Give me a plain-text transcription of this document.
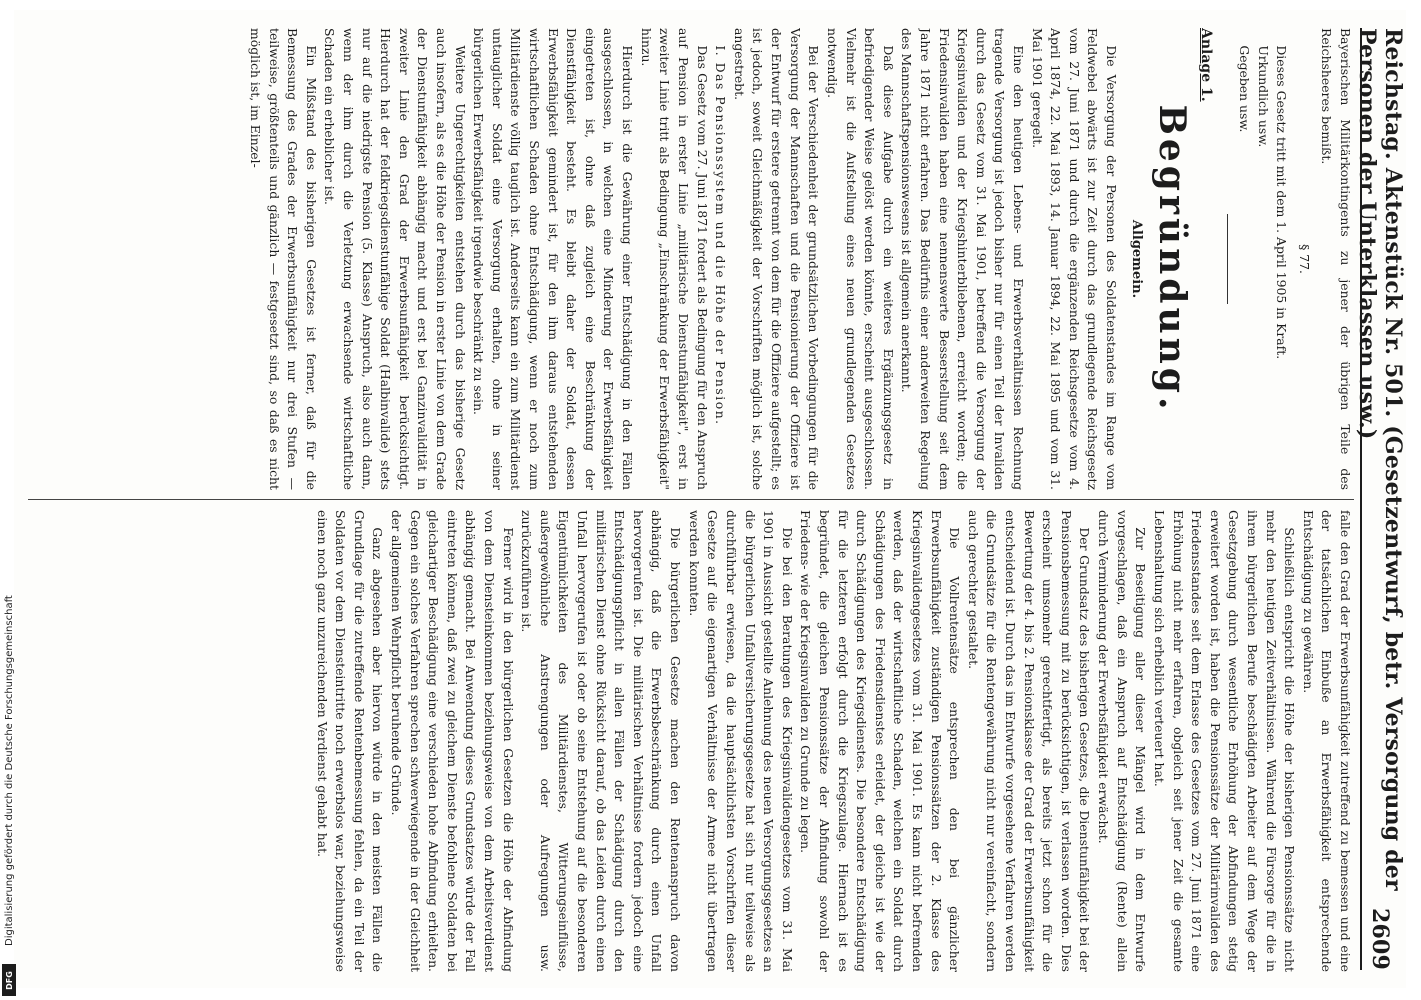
Reichstag. Aktenstück Nr. 501. (Gesetzentwurf, betr. Versorgung der Personen der Unterklassen usw.)
2609

Bayerischen Militärkontingents zu jener der übrigen Teile des Reichsheeres bemißt.

§ 77.

Dieses Gesetz tritt mit dem 1. April 1905 in Kraft.

Urkundlich usw.

Gegeben usw.

Anlage 1.
Begründung.
Allgemein.

Die Versorgung der Personen des Soldatenstandes im Range vom Feldwebel abwärts ist zur Zeit durch das grundlegende Reichsgesetz vom 27. Juni 1871 und durch die ergänzenden Reichsgesetze vom 4. April 1874, 22. Mai 1893, 14. Januar 1894, 22. Mai 1895 und vom 31. Mai 1901 geregelt.

Eine den heutigen Lebens- und Erwerbsverhältnissen Rechnung tragende Versorgung ist jedoch bisher nur für einen Teil der Invaliden durch das Gesetz vom 31. Mai 1901, betreffend die Versorgung der Kriegsinvaliden und der Kriegshinterbliebenen, erreicht worden; die Friedensinvaliden haben eine nennenswerte Besserstellung seit dem Jahre 1871 nicht erfahren. Das Bedürfnis einer anderweiten Regelung des Mannschaftspensionswesens ist allgemein anerkannt.

Daß diese Aufgabe durch ein weiteres Ergänzungsgesetz in befriedigender Weise gelöst werden könnte, erscheint ausgeschlossen. Vielmehr ist die Aufstellung eines neuen grundlegenden Gesetzes notwendig.

Bei der Verschiedenheit der grundsätzlichen Vorbedingungen für die Versorgung der Mannschaften und die Pensionierung der Offiziere ist der Entwurf für erstere getrennt von dem für die Offiziere aufgestellt; es ist jedoch, soweit Gleichmäßigkeit der Vorschriften möglich ist, solche angestrebt.

I. Das Pensionssystem und die Höhe der Pension.

Das Gesetz vom 27. Juni 1871 fordert als Bedingung für den Anspruch auf Pension in erster Linie „militärische Dienstunfähigkeit", erst in zweiter Linie tritt als Bedingung „Einschränkung der Erwerbsfähigkeit" hinzu.

Hierdurch ist die Gewährung einer Entschädigung in den Fällen ausgeschlossen, in welchen eine Minderung der Erwerbsfähigkeit eingetreten ist, ohne daß zugleich eine Beschränkung der Dienstfähigkeit besteht. Es bleibt daher der Soldat, dessen Erwerbsfähigkeit gemindert ist, für den ihm daraus entstehenden wirtschaftlichen Schaden ohne Entschädigung, wenn er noch zum Militärdienste völlig tauglich ist. Anderseits kann ein zum Militärdienst untauglicher Soldat eine Versorgung erhalten, ohne in seiner bürgerlichen Erwerbsfähigkeit irgendwie beschränkt zu sein.

Weitere Ungerechtigkeiten entstehen durch das bisherige Gesetz auch insofern, als es die Höhe der Pension in erster Linie von dem Grade der Dienstunfähigkeit abhängig macht und erst bei Ganzinvalidität in zweiter Linie den Grad der Erwerbsunfähigkeit berücksichtigt. Hierdurch hat der feldkriegsdienstunfähige Soldat (Halbinvalide) stets nur auf die niedrigste Pension (5. Klasse) Anspruch, also auch dann, wenn der ihm durch die Verletzung erwachsende wirtschaftliche Schaden ein erheblicher ist.

Ein Mißstand des bisherigen Gesetzes ist ferner, daß für die Bemessung des Grades der Erwerbsunfähigkeit nur drei Stufen — teilweise, größtenteils und gänzlich — festgesetzt sind, so daß es nicht möglich ist, im Einzel-

falle den Grad der Erwerbsunfähigkeit zutreffend zu bemessen und eine der tatsächlichen Einbuße an Erwerbsfähigkeit entsprechende Entschädigung zu gewähren.

Schließlich entspricht die Höhe der bisherigen Pensionssätze nicht mehr den heutigen Zeitverhältnissen. Während die Fürsorge für die in ihrem bürgerlichen Berufe beschädigten Arbeiter auf dem Wege der Gesetzgebung durch wesentliche Erhöhung der Abfindungen stetig erweitert worden ist, haben die Pensionssätze der Militärinvaliden des Friedensstandes seit dem Erlasse des Gesetzes vom 27. Juni 1871 eine Erhöhung nicht mehr erfahren, obgleich seit jener Zeit die gesamte Lebenshaltung sich erheblich verteuert hat.

Zur Beseitigung aller dieser Mängel wird in dem Entwurfe vorgeschlagen, daß ein Anspruch auf Entschädigung (Rente) allein durch Verminderung der Erwerbsfähigkeit erwächst.

Der Grundsatz des bisherigen Gesetzes, die Dienstunfähigkeit bei der Pensionsbemessung mit zu berücksichtigen, ist verlassen worden. Dies erscheint umsomehr gerechtfertigt, als bereits jetzt schon für die Bewertung der 4. bis 2. Pensionsklasse der Grad der Erwerbsunfähigkeit entscheidend ist. Durch das im Entwurfe vorgesehene Verfahren werden die Grundsätze für die Rentengewährung nicht nur vereinfacht, sondern auch gerechter gestaltet.

Die Vollrentensätze entsprechen den bei gänzlicher Erwerbsunfähigkeit zuständigen Pensionssätzen der 2. Klasse des Kriegsinvalidengesetzes vom 31. Mai 1901. Es kann nicht befremden werden, daß der wirtschaftliche Schaden, welchen ein Soldat durch Schädigungen des Friedensdienstes erleidet, der gleiche ist wie der durch Schädigungen des Kriegsdienstes. Die besondere Entschädigung für die letzteren erfolgt durch die Kriegszulage. Hiernach ist es begründet, die gleichen Pensionssätze der Abfindung sowohl der Friedens- wie der Kriegsinvaliden zu Grunde zu legen.

Die bei den Beratungen des Kriegsinvalidengesetzes vom 31. Mai 1901 in Aussicht gestellte Anlehnung des neuen Versorgungsgesetzes an die bürgerlichen Unfallversicherungsgesetze hat sich nur teilweise als durchführbar erwiesen, da die hauptsächlichsten Vorschriften dieser Gesetze auf die eigenartigen Verhältnisse der Armee nicht übertragen werden konnten.

Die bürgerlichen Gesetze machen den Rentenanspruch davon abhängig, daß die Erwerbsbeschränkung durch einen Unfall hervorgerufen ist. Die militärischen Verhältnisse fordern jedoch eine Entschädigungspflicht in allen Fällen der Schädigung durch den militärischen Dienst ohne Rücksicht darauf, ob das Leiden durch einen Unfall hervorgerufen ist oder ob seine Entstehung auf die besonderen Eigentümlichkeiten des Militärdienstes, Witterungseinflüsse, außergewöhnliche Anstrengungen oder Aufregungen usw. zurückzuführen ist.

Ferner wird in den bürgerlichen Gesetzen die Höhe der Abfindung von dem Diensteinkommen beziehungsweise von dem Arbeitsverdienst abhängig gemacht. Bei Anwendung dieses Grundsatzes würde der Fall eintreten können, daß zwei zu gleichem Dienste befohlene Soldaten bei gleichartiger Beschädigung eine verschieden hohe Abfindung erhielten. Gegen ein solches Verfahren sprechen schwerwiegende in der Gleichheit der allgemeinen Wehrpflicht beruhende Gründe.

Ganz abgesehen aber hiervon würde in den meisten Fällen die Grundlage für die zutreffende Rentenbemessung fehlen, da ein Teil der Soldaten vor dem Diensteintritte noch erwerbslos war, beziehungsweise einen noch ganz unzureichenden Verdienst gehabt hat.

Digitalisierung gefördert durch die Deutsche Forschungsgemeinschaft
DFG
